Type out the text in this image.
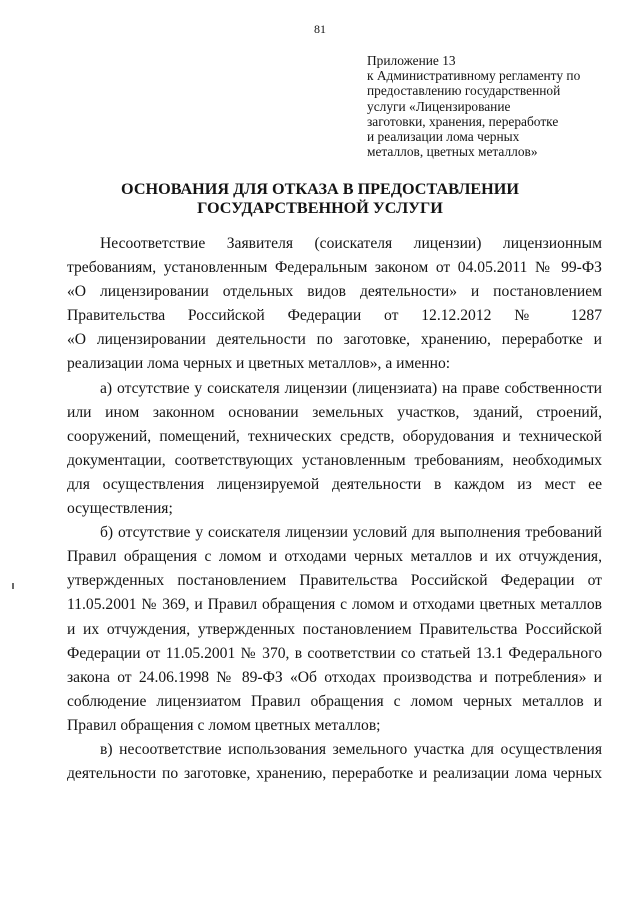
81
Приложение 13
к Административному регламенту по
предоставлению государственной
услуги «Лицензирование
заготовки, хранения, переработке
и реализации лома черных
металлов, цветных металлов»
ОСНОВАНИЯ ДЛЯ ОТКАЗА В ПРЕДОСТАВЛЕНИИ
ГОСУДАРСТВЕННОЙ УСЛУГИ

Несоответствие Заявителя (соискателя лицензии) лицензионным
требованиям, установленным Федеральным законом от 04.05.2011 № 99-ФЗ
«О лицензировании отдельных видов деятельности» и постановлением
Правительства Российской Федерации от 12.12.2012 № 1287
«О лицензировании деятельности по заготовке, хранению, переработке и
реализации лома черных и цветных металлов», а именно:

а) отсутствие у соискателя лицензии (лицензиата) на праве собственности
или ином законном основании земельных участков, зданий, строений,
сооружений, помещений, технических средств, оборудования и технической
документации, соответствующих установленным требованиям, необходимых
для осуществления лицензируемой деятельности в каждом из мест ее
осуществления;

б) отсутствие у соискателя лицензии условий для выполнения требований
Правил обращения с ломом и отходами черных металлов и их отчуждения,
утвержденных постановлением Правительства Российской Федерации от
11.05.2001 № 369, и Правил обращения с ломом и отходами цветных металлов
и их отчуждения, утвержденных постановлением Правительства Российской
Федерации от 11.05.2001 № 370, в соответствии со статьей 13.1 Федерального
закона от 24.06.1998 № 89-ФЗ «Об отходах производства и потребления» и
соблюдение лицензиатом Правил обращения с ломом черных металлов и
Правил обращения с ломом цветных металлов;

в) несоответствие использования земельного участка для осуществления
деятельности по заготовке, хранению, переработке и реализации лома черных
